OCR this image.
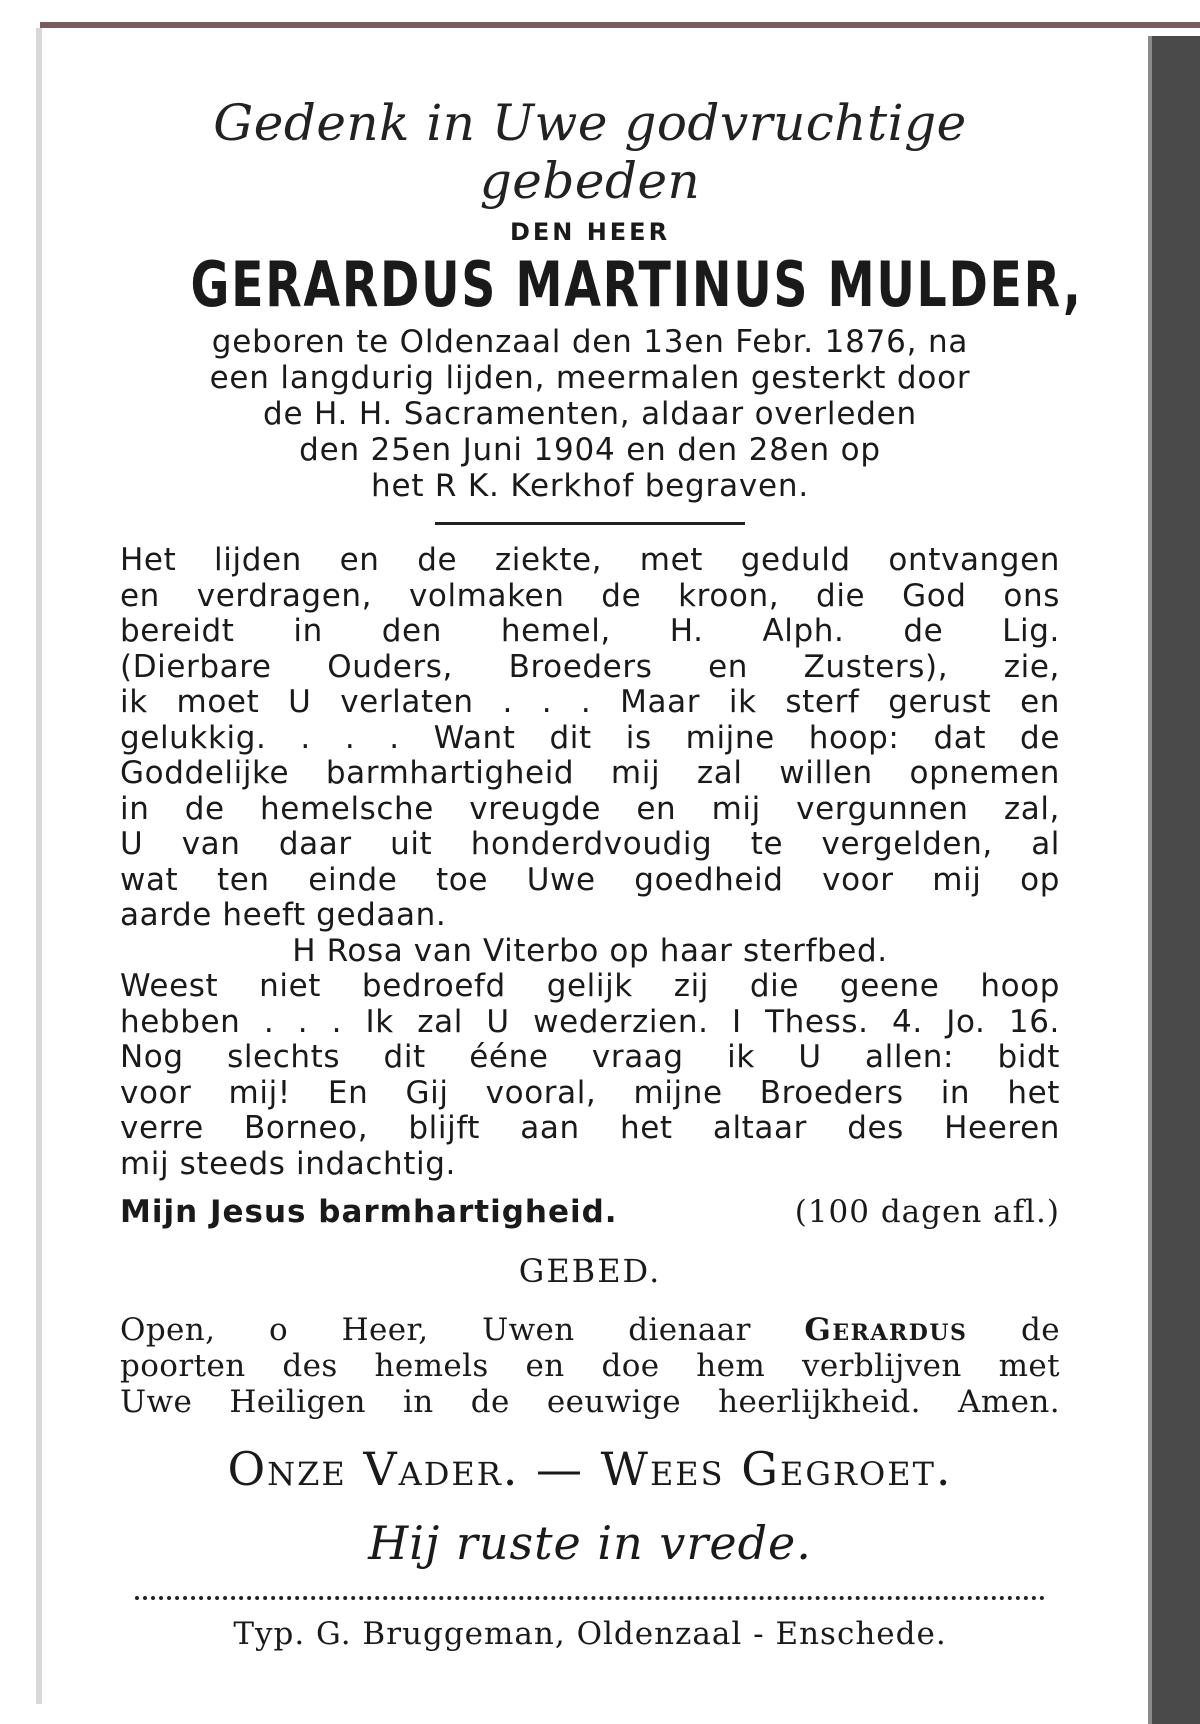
Gedenk in Uwe godvruchtige gebeden
DEN HEER
GERARDUS MARTINUS MULDER,
geboren te Oldenzaal den 13en Febr. 1876, na
een langdurig lijden, meermalen gesterkt door
de H. H. Sacramenten, aldaar overleden
den 25en Juni 1904 en den 28en op
het R K. Kerkhof begraven.
Het lijden en de ziekte, met geduld ontvangen
en verdragen, volmaken de kroon, die God ons
bereidt in den hemel, H. Alph. de Lig.
(Dierbare Ouders, Broeders en Zusters), zie,
ik moet U verlaten . . . Maar ik sterf gerust en
gelukkig. . . . Want dit is mijne hoop: dat de
Goddelijke barmhartigheid mij zal willen opnemen
in de hemelsche vreugde en mij vergunnen zal,
U van daar uit honderdvoudig te vergelden, al
wat ten einde toe Uwe goedheid voor mij op
aarde heeft gedaan.
H Rosa van Viterbo op haar sterfbed.
Weest niet bedroefd gelijk zij die geene hoop
hebben . . . Ik zal U wederzien. I Thess. 4. Jo. 16.
Nog slechts dit ééne vraag ik U allen: bidt
voor mij! En Gij vooral, mijne Broeders in het
verre Borneo, blijft aan het altaar des Heeren
mij steeds indachtig.
Mijn Jesus barmhartigheid.	(100 dagen afl.)
GEBED.
Open, o Heer, Uwen dienaar Gerardus de
poorten des hemels en doe hem verblijven met
Uwe Heiligen in de eeuwige heerlijkheid. Amen.
Onze Vader. — Wees Gegroet.
Hij ruste in vrede.
Typ. G. Bruggeman, Oldenzaal - Enschede.
